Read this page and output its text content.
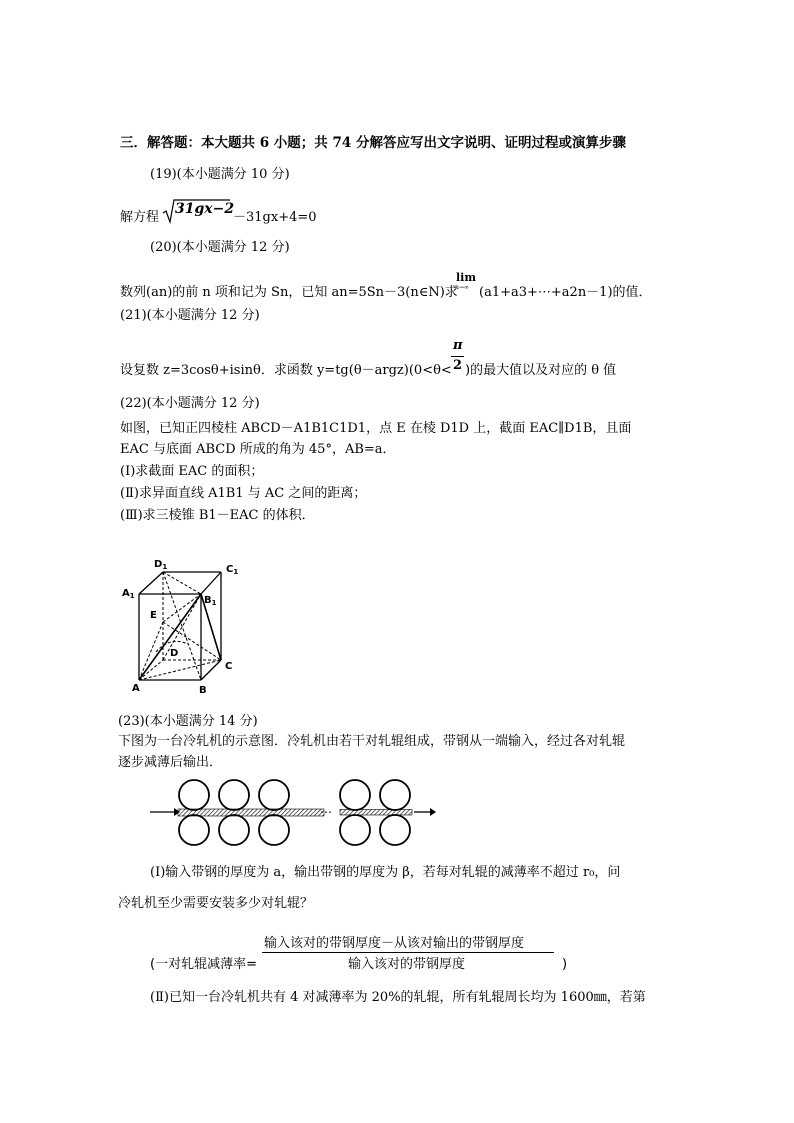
三．解答题：本大题共 6 小题；共 74 分解答应写出文字说明、证明过程或演算步骤
(19)(本小题满分 10 分)
解方程
31gx−2
－31gx+4=0
(20)(本小题满分 12 分)
数列(an)的前 n 项和记为 Sn，已知 an=5Sn－3(n∈N)求
lim
n→∞ (a1+a3+⋯+a2n－1)的值．
(21)(本小题满分 12 分)
设复数 z=3cosθ+isinθ．求函数 y=tg(θ－argz)(0<θ<
π
2 )的最大值以及对应的 θ 值
(22)(本小题满分 12 分)
如图，已知正四棱柱 ABCD－A1B1C1D1，点 E 在棱 D1D 上，截面 EAC∥D1B，且面
EAC 与底面 ABCD 所成的角为 45°，AB=a．
(Ⅰ)求截面 EAC 的面积；
(Ⅱ)求异面直线 A1B1 与 AC 之间的距离；
(Ⅲ)求三棱锥 B1－EAC 的体积．
$D_1$	$C_1$
$A_1$	$B_1$
E
D
A	B
C
(23)(本小题满分 14 分)
下图为一台冷轧机的示意图．冷轧机由若干对轧辊组成，带钢从一端输入，经过各对轧辊
逐步减薄后输出．
⋯
(Ⅰ)输入带钢的厚度为 a，输出带钢的厚度为 β，若每对轧辊的减薄率不超过 r₀，问
冷轧机至少需要安装多少对轧辊？
输入该对的带钢厚度－从该对输出的带钢厚度
(一对轧辊减薄率=	输入该对的带钢厚度	)
(Ⅱ)已知一台冷轧机共有 4 对减薄率为 20%的轧辊，所有轧辊周长均为 1600㎜，若第
